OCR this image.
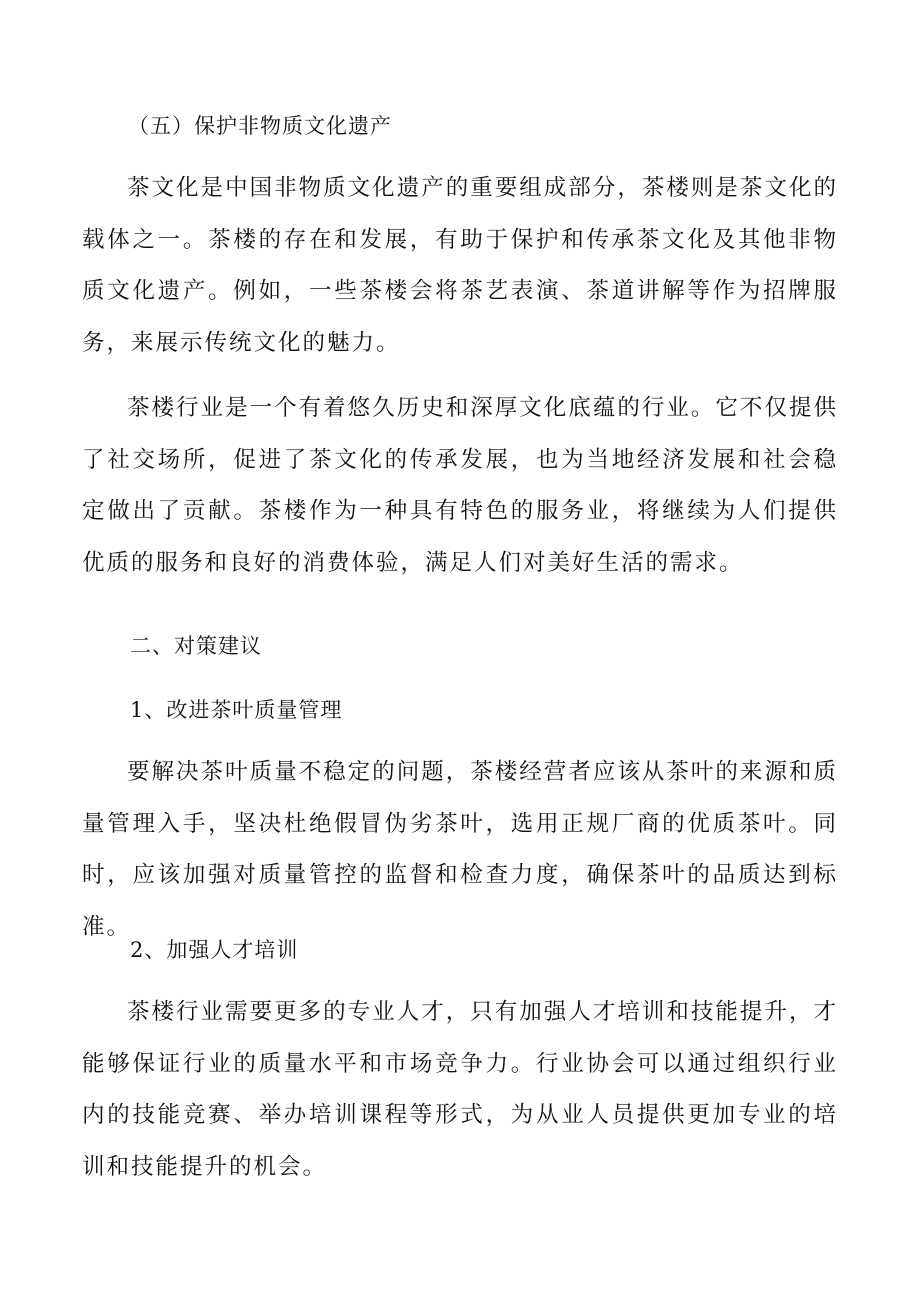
（五）保护非物质文化遗产

茶文化是中国非物质文化遗产的重要组成部分，茶楼则是茶文化的载体之一。茶楼的存在和发展，有助于保护和传承茶文化及其他非物质文化遗产。例如，一些茶楼会将茶艺表演、茶道讲解等作为招牌服务，来展示传统文化的魅力。

茶楼行业是一个有着悠久历史和深厚文化底蕴的行业。它不仅提供了社交场所，促进了茶文化的传承发展，也为当地经济发展和社会稳定做出了贡献。茶楼作为一种具有特色的服务业，将继续为人们提供优质的服务和良好的消费体验，满足人们对美好生活的需求。

二、对策建议
1、改进茶叶质量管理

要解决茶叶质量不稳定的问题，茶楼经营者应该从茶叶的来源和质量管理入手，坚决杜绝假冒伪劣茶叶，选用正规厂商的优质茶叶。同时，应该加强对质量管控的监督和检查力度，确保茶叶的品质达到标准。

2、加强人才培训

茶楼行业需要更多的专业人才，只有加强人才培训和技能提升，才能够保证行业的质量水平和市场竞争力。行业协会可以通过组织行业内的技能竞赛、举办培训课程等形式，为从业人员提供更加专业的培训和技能提升的机会。
